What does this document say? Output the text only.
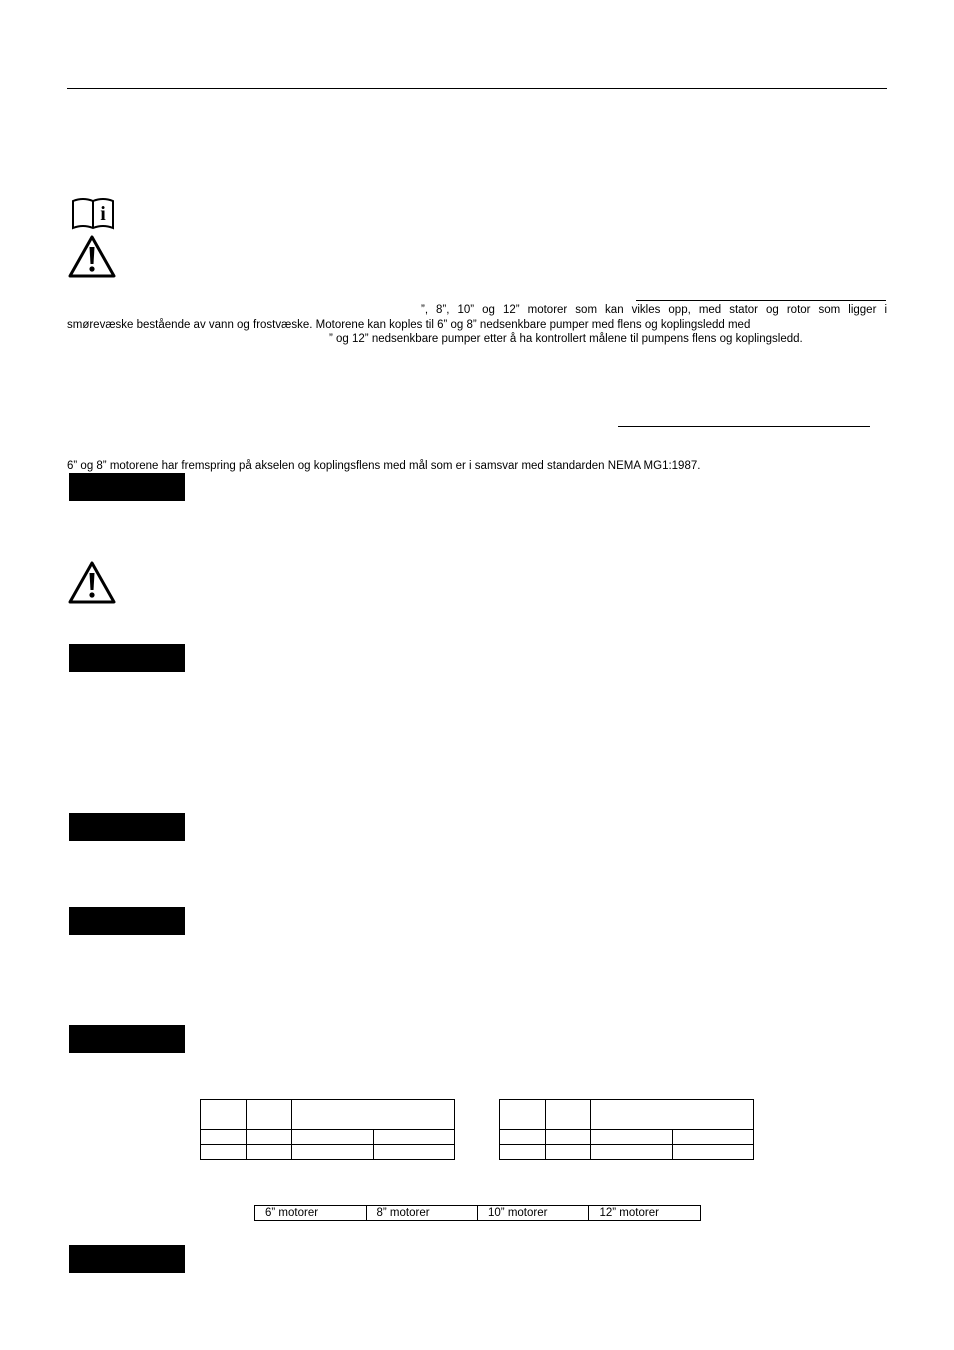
i
”, 8”, 10” og 12” motorer som kan vikles opp, med stator og rotor som ligger i
smørevæske bestående av vann og frostvæske. Motorene kan koples til 6” og 8” nedsenkbare pumper med flens og koplingsledd med
” og 12” nedsenkbare pumper etter å ha kontrollert målene til pumpens flens og koplingsledd.
6” og 8” motorene har fremspring på akselen og koplingsflens med mål som er i samsvar med standarden NEMA MG1:1987.

6” motorer	8” motorer	10” motorer	12” motorer
